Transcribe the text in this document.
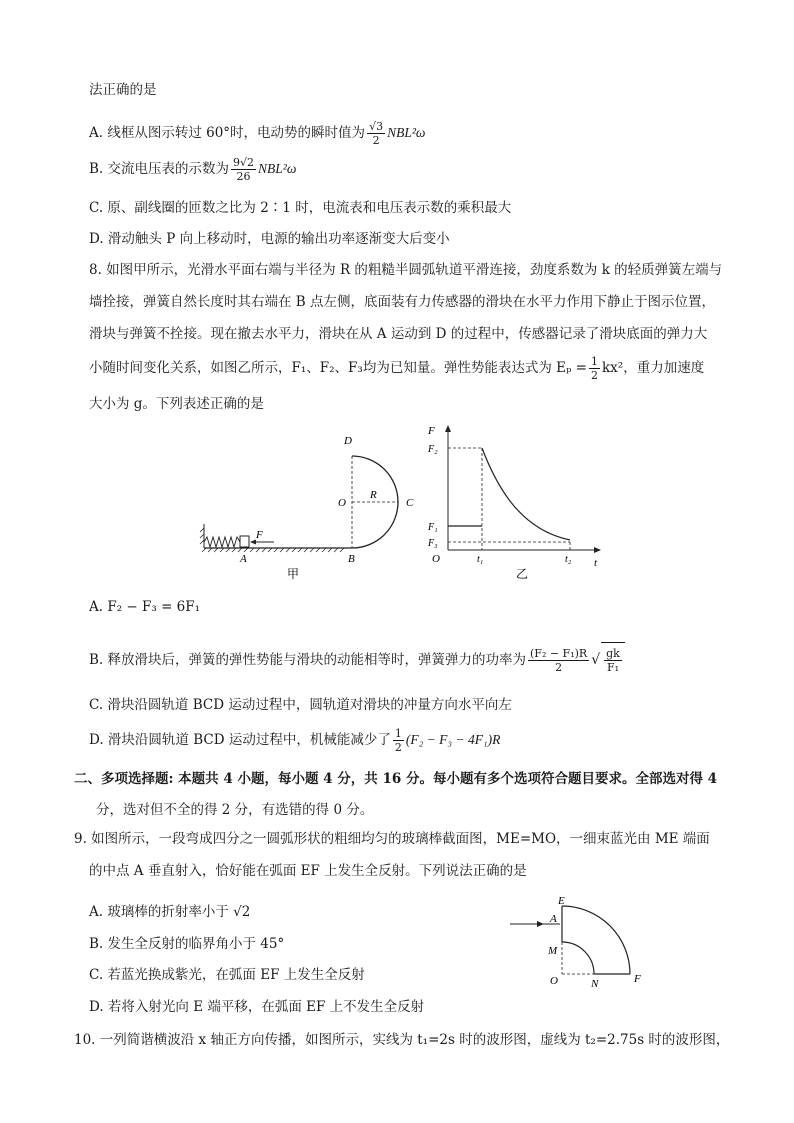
法正确的是
A. 线框从图示转过 60°时，电动势的瞬时值为 $\frac{√3}{2} NBL^2\omega$
B. 交流电压表的示数为 $\frac{9√2}{26} NBL^2\omega$
C. 原、副线圈的匝数之比为 2∶1 时，电流表和电压表示数的乘积最大
D. 滑动触头 P 向上移动时，电源的输出功率逐渐变大后变小
8. 如图甲所示，光滑水平面右端与半径为 R 的粗糙半圆弧轨道平滑连接，劲度系数为 k 的轻质弹簧左端与
墙拴接，弹簧自然长度时其右端在 B 点左侧，底面装有力传感器的滑块在水平力作用下静止于图示位置，
滑块与弹簧不拴接。现在撤去水平力，滑块在从 A 运动到 D 的过程中，传感器记录了滑块底面的弹力大
小随时间变化关系，如图乙所示，F₁、F₂、F₃均为已知量。弹性势能表达式为 $E_p = \frac{1}{2} kx^2$，重力加速度
大小为 g。下列表述正确的是
D
O
R
C
F
A	B
甲
F
t
O
F₂
F₁
F₃
t₁	t₂
乙
A. F₂ − F₃ = 6F₁
B. 释放滑块后，弹簧的弹性势能与滑块的动能相等时，弹簧弹力的功率为 $\frac{\text{(F₂ − F₁)R}}{2}$ √ $\frac{gk}{\text{F₁}}$
C. 滑块沿圆轨道 BCD 运动过程中，圆轨道对滑块的冲量方向水平向左
D. 滑块沿圆轨道 BCD 运动过程中，机械能减少了 $\frac{1}{2} (F_2 - F_3 - 4F_1)R$
二、多项选择题: 本题共 4 小题，每小题 4 分，共 16 分。每小题有多个选项符合题目要求。全部选对得 4
分，选对但不全的得 2 分，有选错的得 0 分。
9. 如图所示，一段弯成四分之一圆弧形状的粗细均匀的玻璃棒截面图，ME=MO，一细束蓝光由 ME 端面
的中点 A 垂直射入，恰好能在弧面 EF 上发生全反射。下列说法正确的是
A. 玻璃棒的折射率小于 √2
B. 发生全反射的临界角小于 45°
C. 若蓝光换成紫光，在弧面 EF 上发生全反射
D. 若将入射光向 E 端平移，在弧面 EF 上不发生全反射
E
A
M
O	N	F
10. 一列简谐横波沿 x 轴正方向传播，如图所示，实线为 t₁=2s 时的波形图，虚线为 t₂=2.75s 时的波形图，
